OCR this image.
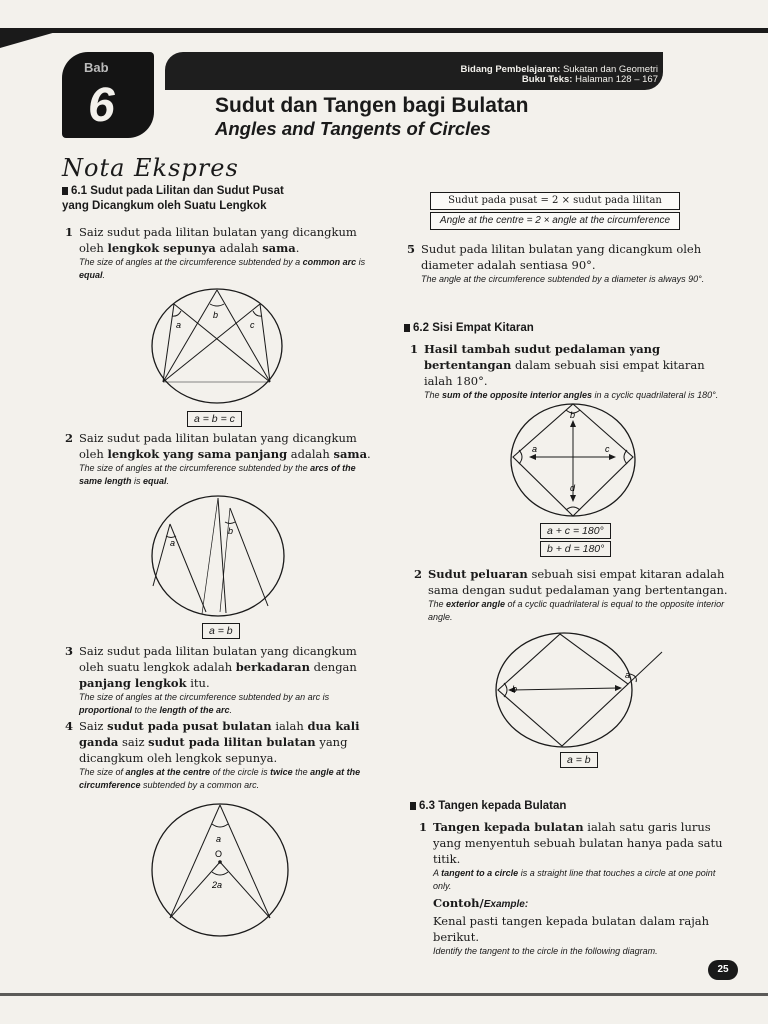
Bab
6
Bidang Pembelajaran: Sukatan dan Geometri
Buku Teks: Halaman 128 – 167
Sudut dan Tangen bagi Bulatan
Angles and Tangents of Circles
Nota Ekspres
6.1 Sudut pada Lilitan dan Sudut Pusat
yang Dicangkum oleh Suatu Lengkok
1 Saiz sudut pada lilitan bulatan yang dicangkum oleh lengkok sepunya adalah sama.
The size of angles at the circumference subtended by a common arc is equal.
a
b
c
a = b = c
2 Saiz sudut pada lilitan bulatan yang dicangkum oleh lengkok yang sama panjang adalah sama.
The size of angles at the circumference subtended by the arcs of the same length is equal.
a
b
a = b
3 Saiz sudut pada lilitan bulatan yang dicangkum oleh suatu lengkok adalah berkadaran dengan panjang lengkok itu.
The size of angles at the circumference subtended by an arc is proportional to the length of the arc.
4 Saiz sudut pada pusat bulatan ialah dua kali ganda saiz sudut pada lilitan bulatan yang dicangkum oleh lengkok sepunya.
The size of angles at the centre of the circle is twice the angle at the circumference subtended by a common arc.
a
O
2a
Sudut pada pusat = 2 × sudut pada lilitan
Angle at the centre = 2 × angle at the circumference
5 Sudut pada lilitan bulatan yang dicangkum oleh diameter adalah sentiasa 90°.
The angle at the circumference subtended by a diameter is always 90°.
6.2 Sisi Empat Kitaran
1 Hasil tambah sudut pedalaman yang bertentangan dalam sebuah sisi empat kitaran ialah 180°.
The sum of the opposite interior angles in a cyclic quadrilateral is 180°.
a
b
c
d
a + c = 180°
b + d = 180°
2 Sudut peluaran sebuah sisi empat kitaran adalah sama dengan sudut pedalaman yang bertentangan.
The exterior angle of a cyclic quadrilateral is equal to the opposite interior angle.
b
a
a = b
6.3 Tangen kepada Bulatan
1 Tangen kepada bulatan ialah satu garis lurus yang menyentuh sebuah bulatan hanya pada satu titik.
A tangent to a circle is a straight line that touches a circle at one point only.
Contoh/Example:
Kenal pasti tangen kepada bulatan dalam rajah berikut.
Identify the tangent to the circle in the following diagram.
25
